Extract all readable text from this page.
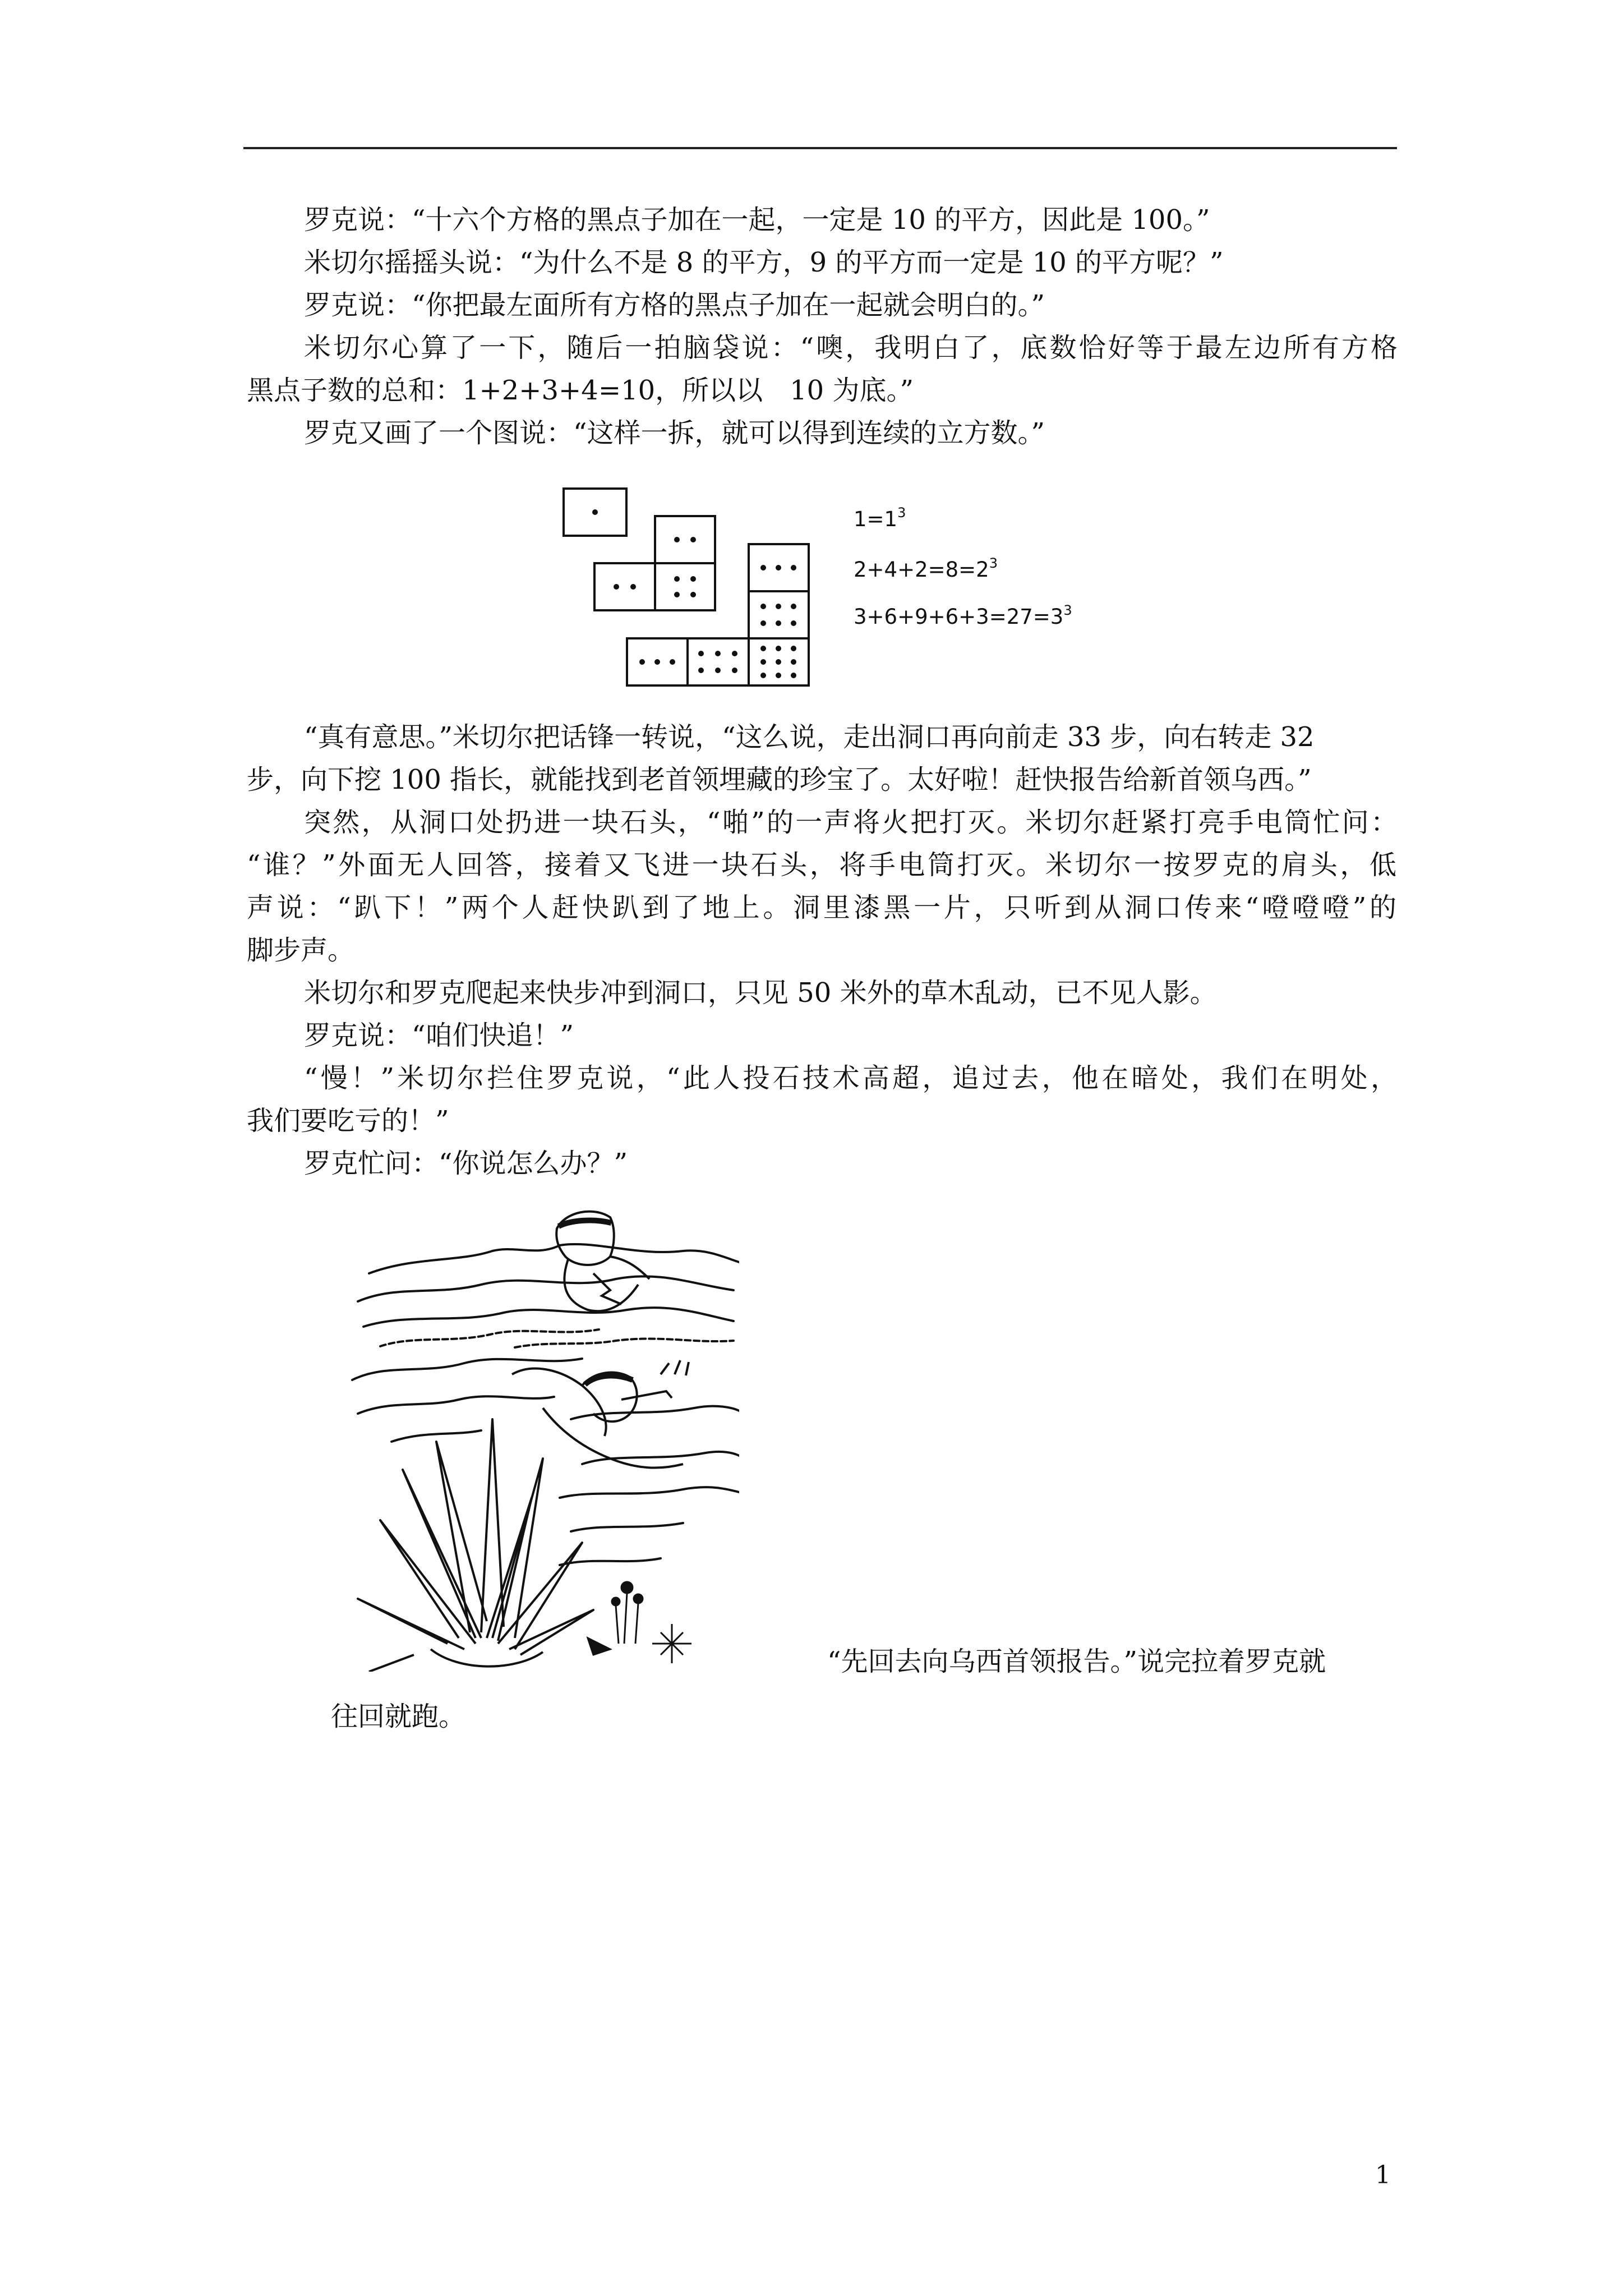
罗克说：“十六个方格的黑点子加在一起，一定是 10 的平方，因此是 100。”

米切尔摇摇头说：“为什么不是 8 的平方，9 的平方而一定是 10 的平方呢？”

罗克说：“你把最左面所有方格的黑点子加在一起就会明白的。”

米切尔心算了一下，随后一拍脑袋说：“噢，我明白了，底数恰好等于最左边所有方格

黑点子数的总和：1+2+3+4=10，所以以　10 为底。”

罗克又画了一个图说：“这样一拆，就可以得到连续的立方数。”

$1=1^3$
$2+4+2=8=2^3$
$3+6+9+6+3=27=3^3$

“真有意思。”米切尔把话锋一转说，“这么说，走出洞口再向前走 33 步，向右转走 32

步，向下挖 100 指长，就能找到老首领埋藏的珍宝了。太好啦！赶快报告给新首领乌西。”

突然，从洞口处扔进一块石头，“啪”的一声将火把打灭。米切尔赶紧打亮手电筒忙问：

“谁？”外面无人回答，接着又飞进一块石头，将手电筒打灭。米切尔一按罗克的肩头，低

声说：“趴下！”两个人赶快趴到了地上。洞里漆黑一片，只听到从洞口传来“噔噔噔”的

脚步声。

米切尔和罗克爬起来快步冲到洞口，只见 50 米外的草木乱动，已不见人影。

罗克说：“咱们快追！”

“慢！”米切尔拦住罗克说，“此人投石技术高超，追过去，他在暗处，我们在明处，

我们要吃亏的！”

罗克忙问：“你说怎么办？”

“先回去向乌西首领报告。”说完拉着罗克就

往回就跑。

1
